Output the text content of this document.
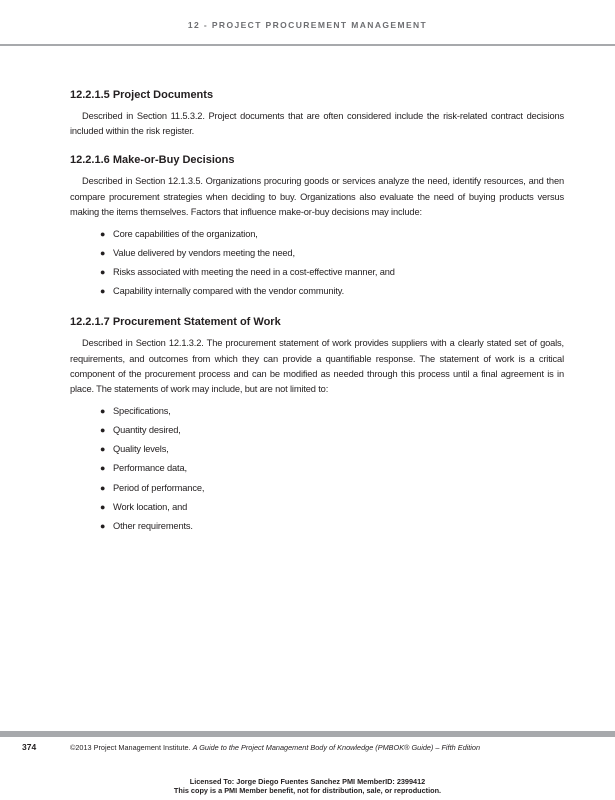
12 - PROJECT PROCUREMENT MANAGEMENT
12.2.1.5 Project Documents

Described in Section 11.5.3.2. Project documents that are often considered include the risk-related contract decisions included within the risk register.

12.2.1.6 Make-or-Buy Decisions

Described in Section 12.1.3.5. Organizations procuring goods or services analyze the need, identify resources, and then compare procurement strategies when deciding to buy. Organizations also evaluate the need of buying products versus making the items themselves. Factors that influence make-or-buy decisions may include:

● Core capabilities of the organization,
● Value delivered by vendors meeting the need,
● Risks associated with meeting the need in a cost-effective manner, and
● Capability internally compared with the vendor community.
12.2.1.7 Procurement Statement of Work

Described in Section 12.1.3.2. The procurement statement of work provides suppliers with a clearly stated set of goals, requirements, and outcomes from which they can provide a quantifiable response. The statement of work is a critical component of the procurement process and can be modified as needed through this process until a final agreement is in place. The statements of work may include, but are not limited to:

● Specifications,
● Quantity desired,
● Quality levels,
● Performance data,
● Period of performance,
● Work location, and
● Other requirements.
374	©2013 Project Management Institute. A Guide to the Project Management Body of Knowledge (PMBOK® Guide) – Fifth Edition
Licensed To: Jorge Diego Fuentes Sanchez PMI MemberID: 2399412
This copy is a PMI Member benefit, not for distribution, sale, or reproduction.
